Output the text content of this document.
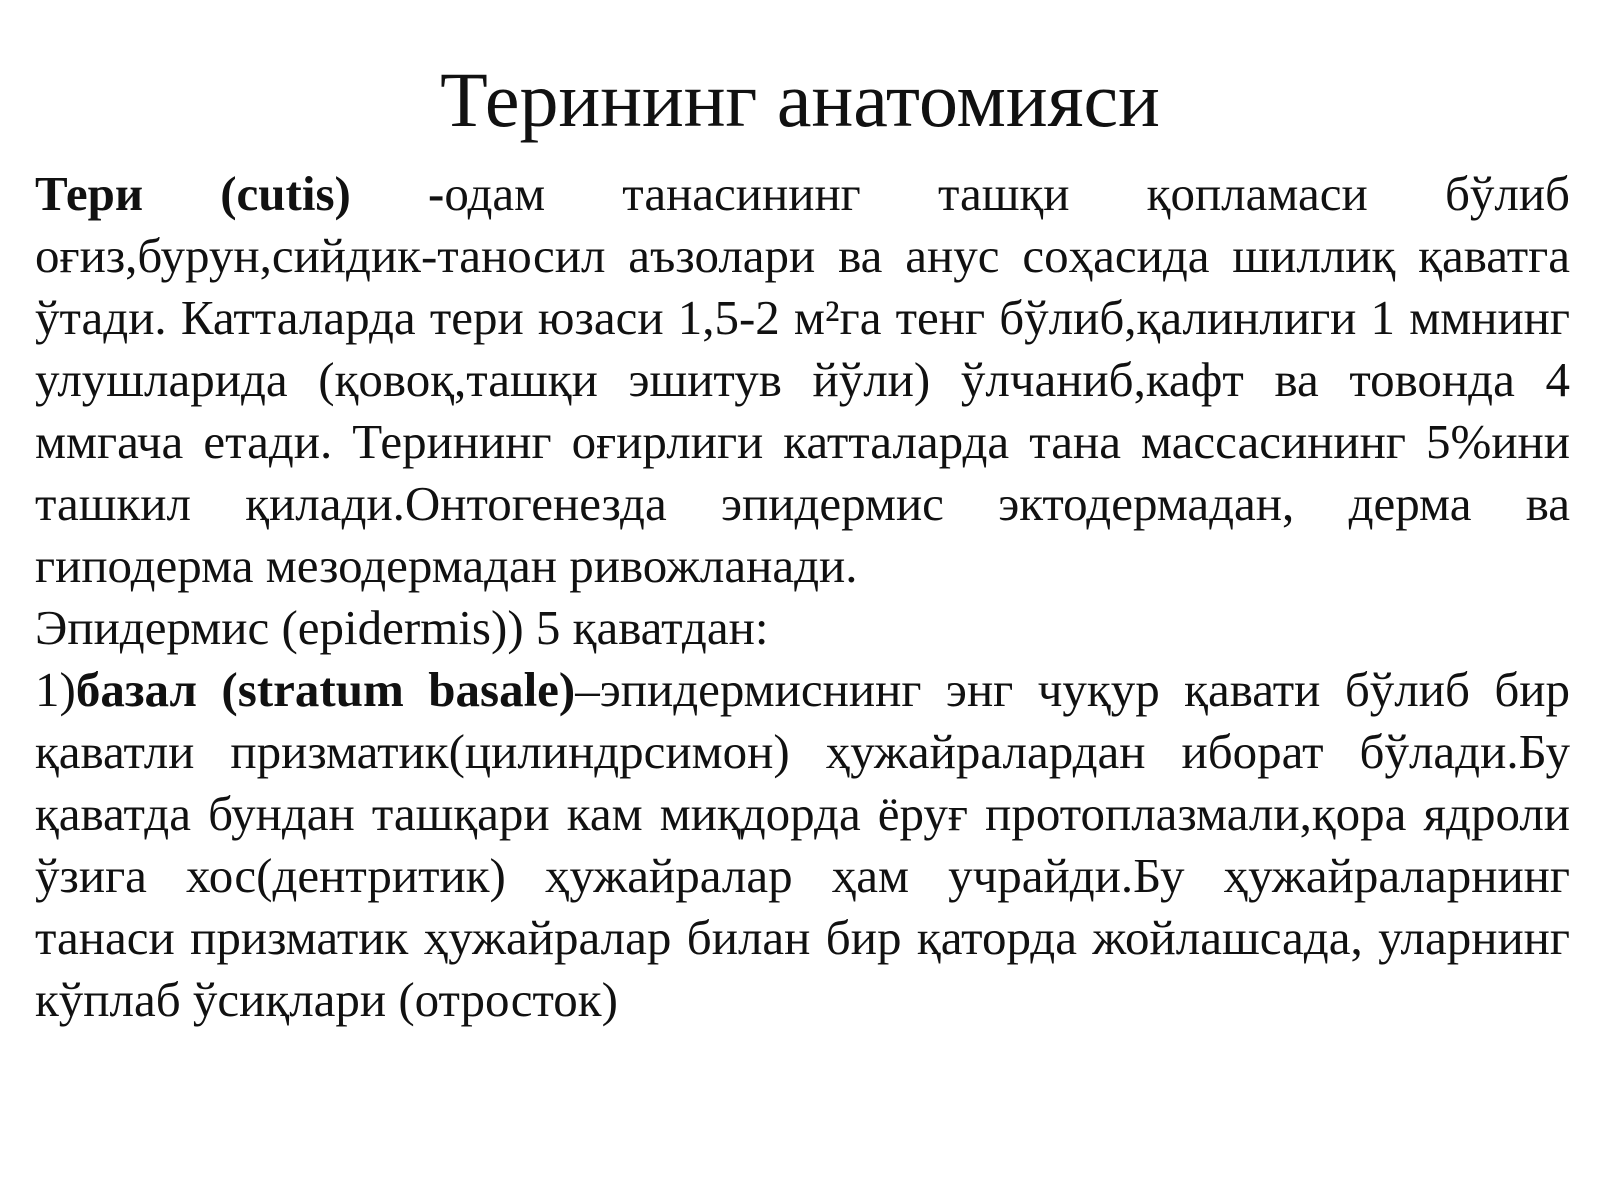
Терининг анатомияси

Тери (cutis) -одам танасининг ташқи қопламаси бўлиб оғиз,бурун,сийдик-таносил аъзолари ва анус соҳасида шиллиқ қаватга ўтади. Катталарда тери юзаси 1,5-2 м²га тенг бўлиб,қалинлиги 1 ммнинг улушларида (қовоқ,ташқи эшитув йўли) ўлчаниб,кафт ва товонда 4 ммгача етади. Терининг оғирлиги катталарда тана массасининг 5%ини ташкил қилади.Онтогенезда эпидермис эктодермадан, дерма ва гиподерма мезодермадан ривожланади.

Эпидермис (epidermis)) 5 қаватдан:

1)базал (stratum basale)–эпидермиснинг энг чуқур қавати бўлиб бир қаватли призматик(цилиндрсимон) ҳужайралардан иборат бўлади.Бу қаватда бундан ташқари кам миқдорда ёруғ протоплазмали,қора ядроли ўзига хос(дентритик) ҳужайралар ҳам учрайди.Бу ҳужайраларнинг танаси призматик ҳужайралар билан бир қаторда жойлашсада, уларнинг кўплаб ўсиқлари (отросток)
